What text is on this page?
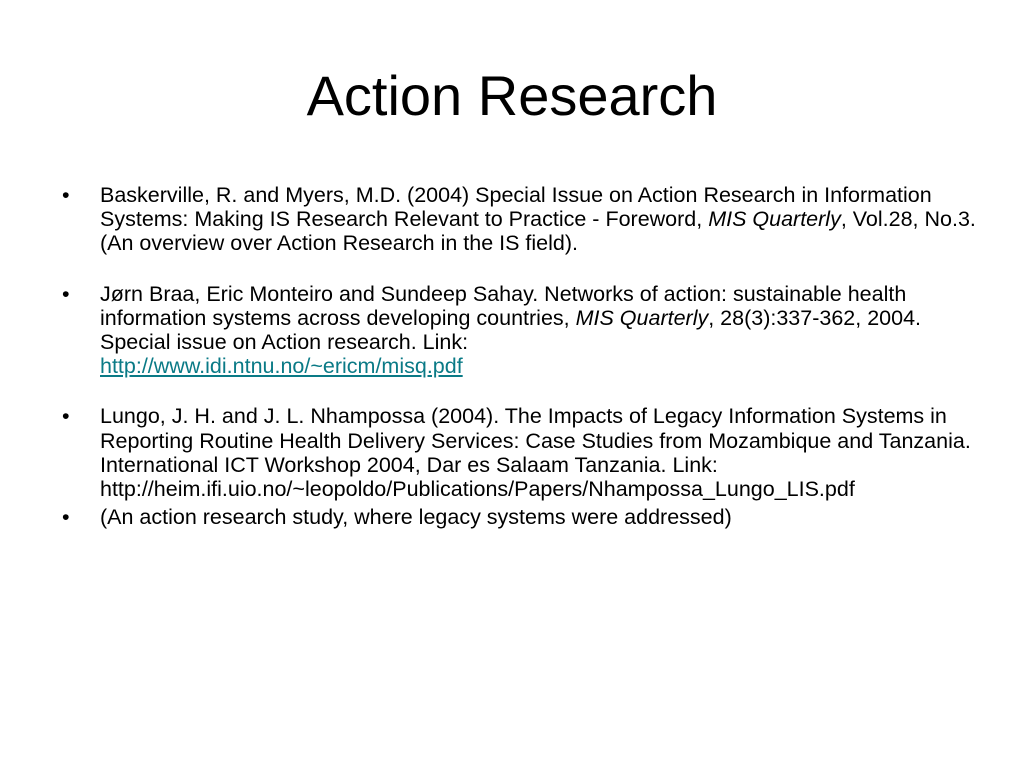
Action Research
• Baskerville, R. and Myers, M.D. (2004) Special Issue on Action Research in Information Systems: Making IS Research Relevant to Practice - Foreword, MIS Quarterly, Vol.28, No.3. (An overview over Action Research in the IS field).
• Jørn Braa, Eric Monteiro and Sundeep Sahay. Networks of action: sustainable health information systems across developing countries, MIS Quarterly, 28(3):337-362, 2004. Special issue on Action research. Link:
http://www.idi.ntnu.no/~ericm/misq.pdf
• Lungo, J. H. and J. L. Nhampossa (2004). The Impacts of Legacy Information Systems in Reporting Routine Health Delivery Services: Case Studies from Mozambique and Tanzania. International ICT Workshop 2004, Dar es Salaam Tanzania. Link: http://heim.ifi.uio.no/~leopoldo/Publications/Papers/Nhampossa_Lungo_LIS.pdf
• (An action research study, where legacy systems were addressed)
